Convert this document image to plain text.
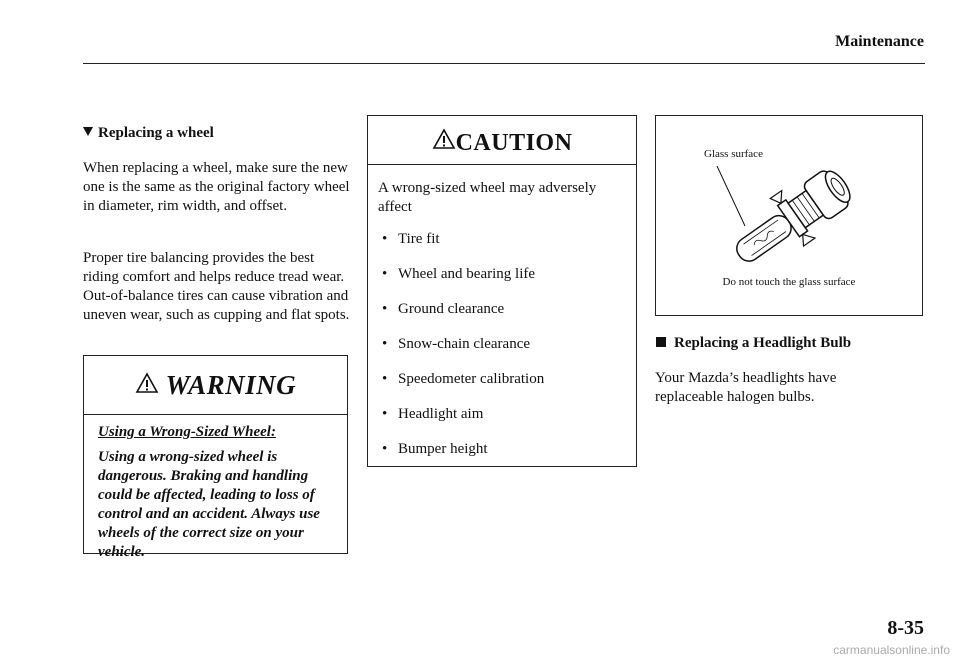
Maintenance
Replacing a wheel
When replacing a wheel, make sure the new one is the same as the original factory wheel in diameter, rim width, and offset.
Proper tire balancing provides the best riding comfort and helps reduce tread wear. Out-of-balance tires can cause vibration and uneven wear, such as cupping and flat spots.
WARNING
Using a Wrong-Sized Wheel:
Using a wrong-sized wheel is dangerous. Braking and handling could be affected, leading to loss of control and an accident. Always use wheels of the correct size on your vehicle.
CAUTION
A wrong-sized wheel may adversely affect
• Tire fit
• Wheel and bearing life
• Ground clearance
• Snow-chain clearance
• Speedometer calibration
• Headlight aim
• Bumper height
Glass surface
Do not touch the glass surface
Replacing a Headlight Bulb
Your Mazda’s headlights have replaceable halogen bulbs.
8-35
carmanualsonline.info
